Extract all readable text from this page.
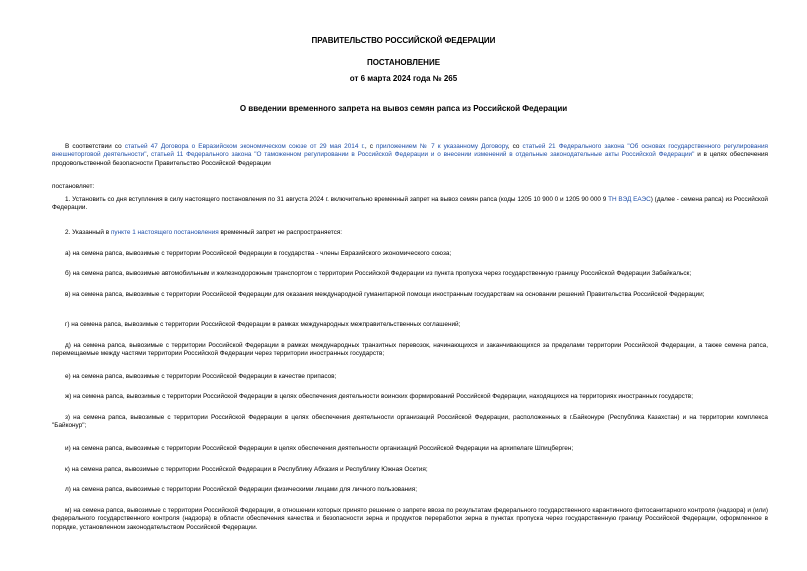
ПРАВИТЕЛЬСТВО РОССИЙСКОЙ ФЕДЕРАЦИИ
ПОСТАНОВЛЕНИЕ
от 6 марта 2024 года № 265
О введении временного запрета на вывоз семян рапса из Российской Федерации
В соответствии со статьей 47 Договора о Евразийском экономическом союзе от 29 мая 2014 г., с приложением № 7 к указанному Договору, со статьей 21 Федерального закона "Об основах государственного регулирования внешнеторговой деятельности", статьей 11 Федерального закона "О таможенном регулировании в Российской Федерации и о внесении изменений в отдельные законодательные акты Российской Федерации" и в целях обеспечения продовольственной безопасности Правительство Российской Федерации
постановляет:
1. Установить со дня вступления в силу настоящего постановления по 31 августа 2024 г. включительно временный запрет на вывоз семян рапса (коды 1205 10 900 0 и 1205 90 000 9 ТН ВЭД ЕАЭС) (далее - семена рапса) из Российской Федерации.
2. Указанный в пункте 1 настоящего постановления временный запрет не распространяется:
а) на семена рапса, вывозимые с территории Российской Федерации в государства - члены Евразийского экономического союза;
б) на семена рапса, вывозимые автомобильным и железнодорожным транспортом с территории Российской Федерации из пункта пропуска через государственную границу Российской Федерации Забайкальск;
в) на семена рапса, вывозимые с территории Российской Федерации для оказания международной гуманитарной помощи иностранным государствам на основании решений Правительства Российской Федерации;
г) на семена рапса, вывозимые с территории Российской Федерации в рамках международных межправительственных соглашений;
д) на семена рапса, вывозимые с территории Российской Федерации в рамках международных транзитных перевозок, начинающихся и заканчивающихся за пределами территории Российской Федерации, а также семена рапса, перемещаемые между частями территории Российской Федерации через территории иностранных государств;
е) на семена рапса, вывозимые с территории Российской Федерации в качестве припасов;
ж) на семена рапса, вывозимые с территории Российской Федерации в целях обеспечения деятельности воинских формирований Российской Федерации, находящихся на территориях иностранных государств;
з) на семена рапса, вывозимые с территории Российской Федерации в целях обеспечения деятельности организаций Российской Федерации, расположенных в г.Байконуре (Республика Казахстан) и на территории комплекса "Байконур";
и) на семена рапса, вывозимые с территории Российской Федерации в целях обеспечения деятельности организаций Российской Федерации на архипелаге Шпицберген;
к) на семена рапса, вывозимые с территории Российской Федерации в Республику Абхазия и Республику Южная Осетия;
л) на семена рапса, вывозимые с территории Российской Федерации физическими лицами для личного пользования;
м) на семена рапса, вывозимые с территории Российской Федерации, в отношении которых принято решение о запрете ввоза по результатам федерального государственного карантинного фитосанитарного контроля (надзора) и (или) федерального государственного контроля (надзора) в области обеспечения качества и безопасности зерна и продуктов переработки зерна в пунктах пропуска через государственную границу Российской Федерации, оформленное в порядке, установленном законодательством Российской Федерации.
